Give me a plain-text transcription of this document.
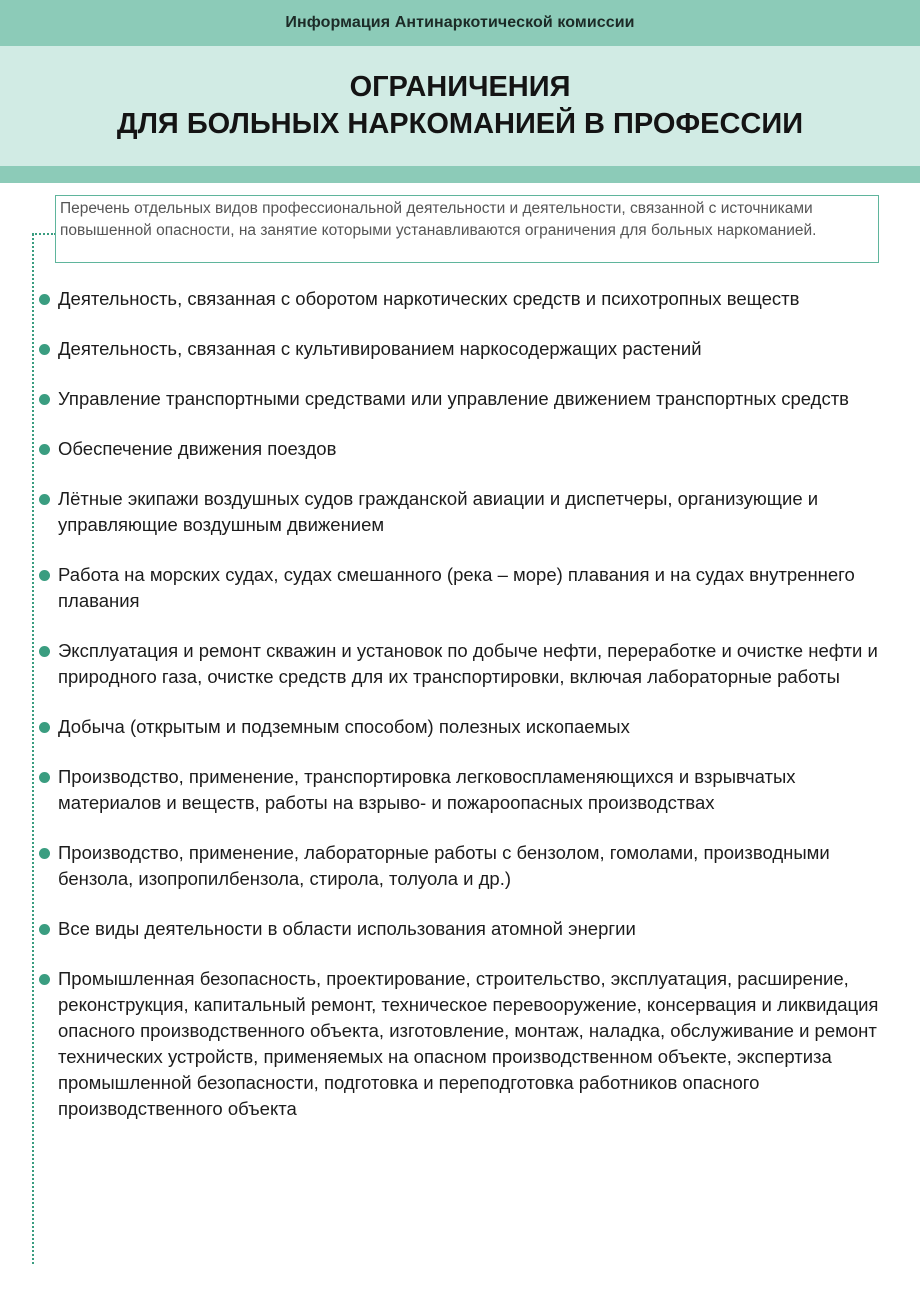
Информация Антинаркотической комиссии
ОГРАНИЧЕНИЯ
ДЛЯ БОЛЬНЫХ НАРКОМАНИЕЙ В ПРОФЕССИИ
Перечень отдельных видов профессиональной деятельности и деятельности, связанной с источниками повышенной опасности, на занятие которыми устанавливаются ограничения для больных наркоманией.
Деятельность, связанная с оборотом наркотических средств и психотропных веществ
Деятельность, связанная с культивированием наркосодержащих растений
Управление транспортными средствами или управление движением транспортных средств
Обеспечение движения поездов
Лётные экипажи воздушных судов гражданской авиации и диспетчеры, организующие и управляющие воздушным движением
Работа на морских судах, судах смешанного (река – море) плавания и на судах внутреннего плавания
Эксплуатация и ремонт скважин и установок по добыче нефти, переработке и очистке нефти и природного газа, очистке средств для их транспортировки, включая лабораторные работы
Добыча (открытым и подземным способом) полезных ископаемых
Производство, применение, транспортировка легковоспламеняющихся и взрывчатых материалов и веществ, работы на взрыво- и пожароопасных производствах
Производство, применение, лабораторные работы с бензолом, гомолами, производными бензола, изопропилбензола, стирола, толуола и др.)
Все виды деятельности в области использования атомной энергии
Промышленная безопасность, проектирование, строительство, эксплуатация, расширение, реконструкция, капитальный ремонт, техническое перевооружение, консервация и ликвидация опасного производственного объекта, изготовление, монтаж, наладка, обслуживание и ремонт технических устройств, применяемых на опасном производственном объекте, экспертиза промышленной безопасности, подготовка и переподготовка работников опасного производственного объекта
